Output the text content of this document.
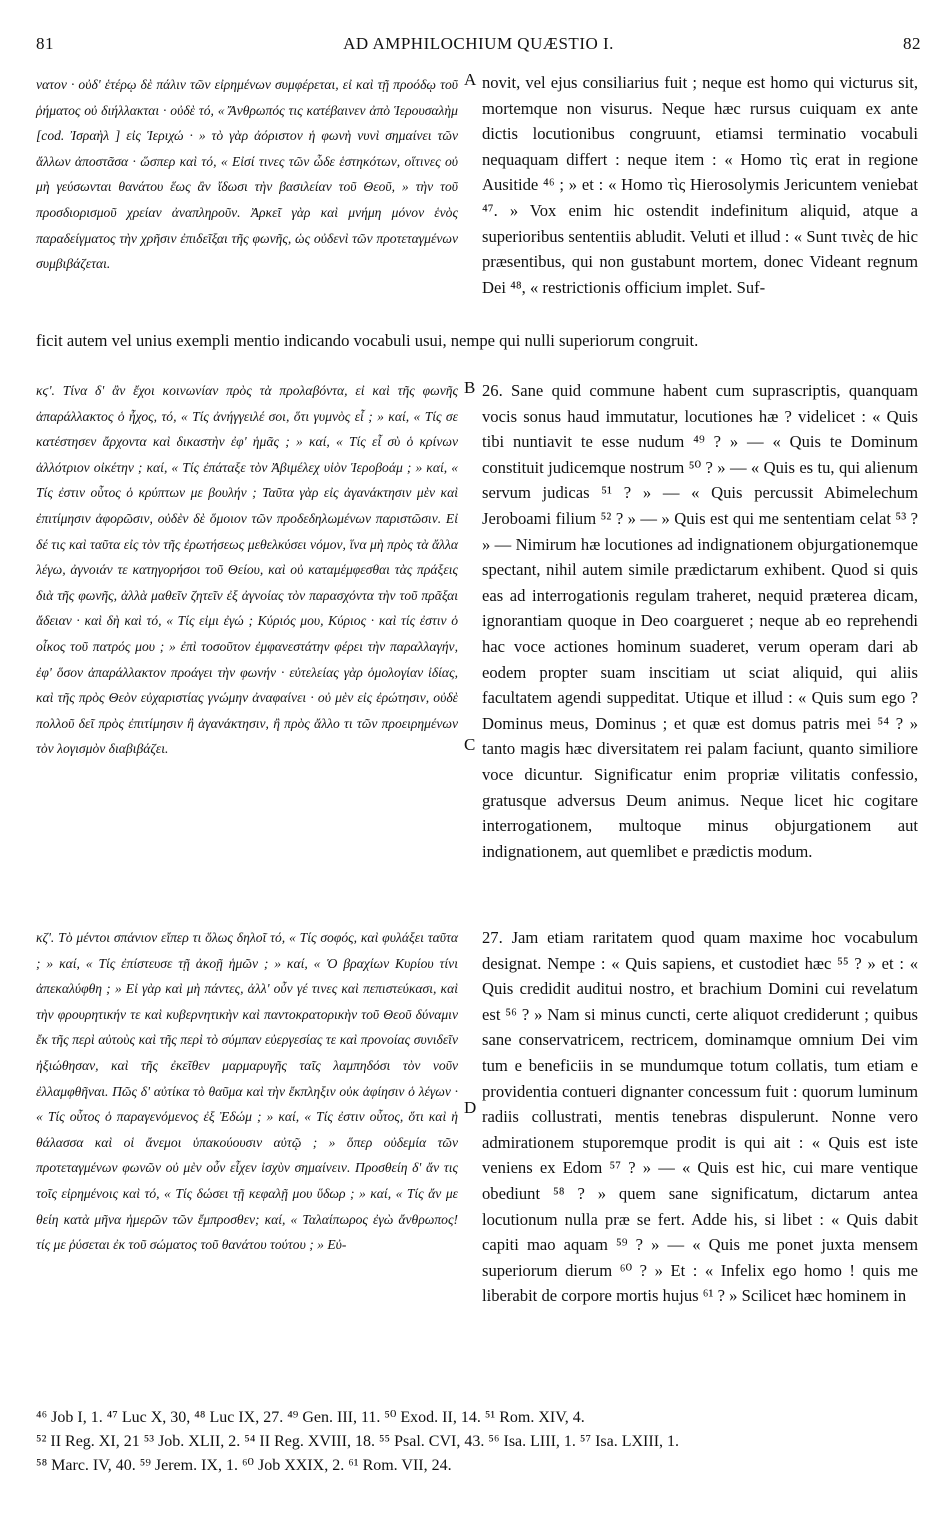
81	AD AMPHILOCHIUM QUÆSTIO I.	82

νατον · οὐδ' ἑτέρῳ δὲ πάλιν τῶν εἰρημένων συμφέρεται, εἰ καὶ τῇ προόδῳ τοῦ ῥήματος οὐ διήλλακται · οὐδὲ τό, « Ἄνθρωπός τις κατέβαινεν ἀπὸ Ἱερουσαλὴμ [cod. Ἰσραὴλ ] εἰς Ἱεριχώ · » τὸ γὰρ ἀόριστον ἡ φωνὴ νυνὶ σημαίνει τῶν ἄλλων ἀποστᾶσα · ὥσπερ καὶ τό, « Εἰσί τινες τῶν ὧδε ἑστηκότων, οἵτινες οὐ μὴ γεύσωνται θανάτου ἕως ἂν ἴδωσι τὴν βασιλείαν τοῦ Θεοῦ, » τὴν τοῦ προσδιορισμοῦ χρείαν ἀναπληροῦν. Ἀρκεῖ γὰρ καὶ μνήμη μόνον ἑνὸς παραδείγματος τὴν χρῆσιν ἐπιδεῖξαι τῆς φωνῆς, ὡς οὐδενὶ τῶν προτεταγμένων συμβιβάζεται.

κϛ'. Τίνα δ' ἂν ἔχοι κοινωνίαν πρὸς τὰ προλαβόντα, εἰ καὶ τῆς φωνῆς ἀπαράλλακτος ὁ ἦχος, τό, « Τίς ἀνήγγειλέ σοι, ὅτι γυμνὸς εἶ ; » καί, « Τίς σε κατέστησεν ἄρχοντα καὶ δικαστὴν ἐφ' ἡμᾶς ; » καί, « Τίς εἶ σὺ ὁ κρίνων ἀλλότριον οἰκέτην ; καί, « Τίς ἐπάταξε τὸν Ἀβιμέλεχ υἱὸν Ἱεροβοάμ ; » καί, « Τίς ἐστιν οὗτος ὁ κρύπτων με βουλήν ; Ταῦτα γὰρ εἰς ἀγανάκτησιν μὲν καὶ ἐπιτίμησιν ἀφορῶσιν, οὐδὲν δὲ ὅμοιον τῶν προδεδηλωμένων παριστῶσιν. Εἰ δέ τις καὶ ταῦτα εἰς τὸν τῆς ἐρωτήσεως μεθελκύσει νόμον, ἵνα μὴ πρὸς τὰ ἄλλα λέγω, ἀγνοιάν τε κατηγορήσοι τοῦ Θείου, καὶ οὐ καταμέμφεσθαι τὰς πράξεις διὰ τῆς φωνῆς, ἀλλὰ μαθεῖν ζητεῖν ἐξ ἀγνοίας τὸν παρασχόντα τὴν τοῦ πρᾶξαι ἄδειαν · καὶ δὴ καὶ τό, « Τίς εἰμι ἐγώ ; Κύριός μου, Κύριος · καὶ τίς ἐστιν ὁ οἶκος τοῦ πατρός μου ; » ἐπὶ τοσοῦτον ἐμφανεστάτην φέρει τὴν παραλλαγήν, ἐφ' ὅσον ἀπαράλλακτον προάγει τὴν φωνήν · εὐτελείας γὰρ ὁμολογίαν ἰδίας, καὶ τῆς πρὸς Θεὸν εὐχαριστίας γνώμην ἀναφαίνει · οὐ μὲν εἰς ἐρώτησιν, οὐδὲ πολλοῦ δεῖ πρὸς ἐπιτίμησιν ἢ ἀγανάκτησιν, ἢ πρὸς ἄλλο τι τῶν προειρημένων τὸν λογισμὸν διαβιβάζει.

κζ'. Τὸ μέντοι σπάνιον εἴπερ τι ὅλως δηλοῖ τό, « Τίς σοφός, καὶ φυλάξει ταῦτα ; » καί, « Τίς ἐπίστευσε τῇ ἀκοῇ ἡμῶν ; » καί, « Ὁ βραχίων Κυρίου τίνι ἀπεκαλύφθη ; » Εἰ γὰρ καὶ μὴ πάντες, ἀλλ' οὖν γέ τινες καὶ πεπιστεύκασι, καὶ τὴν φρουρητικήν τε καὶ κυβερνητικὴν καὶ παντοκρατορικὴν τοῦ Θεοῦ δύναμιν ἔκ τῆς περὶ αὐτοὺς καὶ τῆς περὶ τὸ σύμπαν εὐεργεσίας τε καὶ προνοίας συνιδεῖν ἠξιώθησαν, καὶ τῆς ἐκεῖθεν μαρμαρυγῆς ταῖς λαμπηδόσι τὸν νοῦν ἐλλαμφθῆναι. Πῶς δ' αὐτίκα τὸ θαῦμα καὶ τὴν ἔκπληξιν οὐκ ἀφίησιν ὁ λέγων · « Τίς οὗτος ὁ παραγενόμενος ἐξ Ἐδώμ ; » καί, « Τίς ἐστιν οὗτος, ὅτι καὶ ἡ θάλασσα καὶ οἱ ἄνεμοι ὑπακούουσιν αὐτῷ ; » ὅπερ οὐδεμία τῶν προτεταγμένων φωνῶν οὐ μὲν οὖν εἶχεν ἰσχὺν σημαίνειν. Προσθείη δ' ἄν τις τοῖς εἰρημένοις καὶ τό, « Τίς δώσει τῇ κεφαλῇ μου ὕδωρ ; » καί, « Τίς ἄν με θείη κατὰ μῆνα ἡμερῶν τῶν ἔμπροσθεν; καί, « Ταλαίπωρος ἐγὼ ἄνθρωπος! τίς με ῥύσεται ἐκ τοῦ σώματος τοῦ θανάτου τούτου ; » Εὐ-

novit, vel ejus consiliarius fuit ; neque est homo qui victurus sit, mortemque non visurus. Neque hæc rursus cuiquam ex ante dictis locutionibus congruunt, etiamsi terminatio vocabuli nequaquam differt : neque item : « Homo τὶς erat in regione Ausitide ⁴⁶ ; » et : « Homo τὶς Hierosolymis Jericuntem veniebat ⁴⁷. » Vox enim hic ostendit indefinitum aliquid, atque a superioribus sententiis abludit. Veluti et illud : « Sunt τινὲς de hic præsentibus, qui non gustabunt mortem, donec Videant regnum Dei ⁴⁸, « restrictionis officium implet. Suf-

ficit autem vel unius exempli mentio indicando vocabuli usui, nempe qui nulli superiorum congruit.

26. Sane quid commune habent cum suprascriptis, quanquam vocis sonus haud immutatur, locutiones hæ ? videlicet : « Quis tibi nuntiavit te esse nudum ⁴⁹ ? » — « Quis te Dominum constituit judicemque nostrum ⁵⁰ ? » — « Quis es tu, qui alienum servum judicas ⁵¹ ? » — « Quis percussit Abimelechum Jeroboami filium ⁵² ? » — » Quis est qui me sententiam celat ⁵³ ? » — Nimirum hæ locutiones ad indignationem objurgationemque spectant, nihil autem simile prædictarum exhibent. Quod si quis eas ad interrogationis regulam traheret, nequid præterea dicam, ignorantiam quoque in Deo coargueret ; neque ab eo reprehendi hac voce actiones hominum suaderet, verum operam dari ab eodem propter suam inscitiam ut sciat aliquid, qui aliis facultatem agendi suppeditat. Utique et illud : « Quis sum ego ? Dominus meus, Dominus ; et quæ est domus patris mei ⁵⁴ ? » tanto magis hæc diversitatem rei palam faciunt, quanto similiore voce dicuntur. Significatur enim propriæ vilitatis confessio, gratusque adversus Deum animus. Neque licet hic cogitare interrogationem, multoque minus objurgationem aut indignationem, aut quemlibet e prædictis modum.

27. Jam etiam raritatem quod quam maxime hoc vocabulum designat. Nempe : « Quis sapiens, et custodiet hæc ⁵⁵ ? » et : « Quis credidit auditui nostro, et brachium Domini cui revelatum est ⁵⁶ ? » Nam si minus cuncti, certe aliquot crediderunt ; quibus sane conservatricem, rectricem, dominamque omnium Dei vim tum e beneficiis in se mundumque totum collatis, tum etiam e providentia contueri dignanter concessum fuit : quorum luminum radiis collustrati, mentis tenebras dispulerunt. Nonne vero admirationem stuporemque prodit is qui ait : « Quis est iste veniens ex Edom ⁵⁷ ? » — « Quis est hic, cui mare ventique obediunt ⁵⁸ ? » quem sane significatum, dictarum antea locutionum nulla præ se fert. Adde his, si libet : « Quis dabit capiti mao aquam ⁵⁹ ? » — « Quis me ponet juxta mensem superiorum dierum ⁶⁰ ? » Et : « Infelix ego homo ! quis me liberabit de corpore mortis hujus ⁶¹ ? » Scilicet hæc hominem in

A
B
C
D
⁴⁶ Job I, 1. ⁴⁷ Luc X, 30, ⁴⁸ Luc IX, 27. ⁴⁹ Gen. III, 11. ⁵⁰ Exod. II, 14. ⁵¹ Rom. XIV, 4.
⁵² II Reg. XI, 21 ⁵³ Job. XLII, 2. ⁵⁴ II Reg. XVIII, 18. ⁵⁵ Psal. CVI, 43. ⁵⁶ Isa. LIII, 1. ⁵⁷ Isa. LXIII, 1.
⁵⁸ Marc. IV, 40. ⁵⁹ Jerem. IX, 1. ⁶⁰ Job XXIX, 2. ⁶¹ Rom. VII, 24.
